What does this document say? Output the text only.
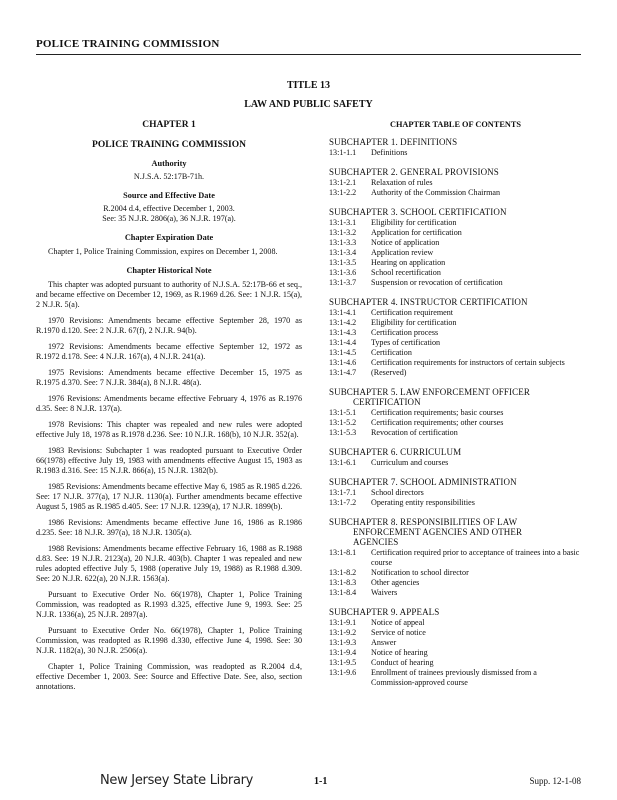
POLICE TRAINING COMMISSION
TITLE 13
LAW AND PUBLIC SAFETY
CHAPTER 1
POLICE TRAINING COMMISSION
Authority
N.J.S.A. 52:17B-71h.
Source and Effective Date
R.2004 d.4, effective December 1, 2003.
See: 35 N.J.R. 2806(a), 36 N.J.R. 197(a).
Chapter Expiration Date
Chapter 1, Police Training Commission, expires on December 1, 2008.
Chapter Historical Note
This chapter was adopted pursuant to authority of N.J.S.A. 52:17B-66 et seq., and became effective on December 12, 1969, as R.1969 d.26. See: 1 N.J.R. 15(a), 2 N.J.R. 5(a).
1970 Revisions: Amendments became effective September 28, 1970 as R.1970 d.120. See: 2 N.J.R. 67(f), 2 N.J.R. 94(b).
1972 Revisions: Amendments became effective September 12, 1972 as R.1972 d.178. See: 4 N.J.R. 167(a), 4 N.J.R. 241(a).
1975 Revisions: Amendments became effective December 15, 1975 as R.1975 d.370. See: 7 N.J.R. 384(a), 8 N.J.R. 48(a).
1976 Revisions: Amendments became effective February 4, 1976 as R.1976 d.35. See: 8 N.J.R. 137(a).
1978 Revisions: This chapter was repealed and new rules were adopted effective July 18, 1978 as R.1978 d.236. See: 10 N.J.R. 168(b), 10 N.J.R. 352(a).
1983 Revisions: Subchapter 1 was readopted pursuant to Executive Order 66(1978) effective July 19, 1983 with amendments effective August 15, 1983 as R.1983 d.316. See: 15 N.J.R. 866(a), 15 N.J.R. 1382(b).
1985 Revisions: Amendments became effective May 6, 1985 as R.1985 d.226. See: 17 N.J.R. 377(a), 17 N.J.R. 1130(a). Further amendments became effective August 5, 1985 as R.1985 d.405. See: 17 N.J.R. 1239(a), 17 N.J.R. 1899(b).
1986 Revisions: Amendments became effective June 16, 1986 as R.1986 d.235. See: 18 N.J.R. 397(a), 18 N.J.R. 1305(a).
1988 Revisions: Amendments became effective February 16, 1988 as R.1988 d.83. See: 19 N.J.R. 2123(a), 20 N.J.R. 403(b). Chapter 1 was repealed and new rules adopted effective July 5, 1988 (operative July 19, 1988) as R.1988 d.309. See: 20 N.J.R. 622(a), 20 N.J.R. 1563(a).
Pursuant to Executive Order No. 66(1978), Chapter 1, Police Training Commission, was readopted as R.1993 d.325, effective June 9, 1993. See: 25 N.J.R. 1336(a), 25 N.J.R. 2897(a).
Pursuant to Executive Order No. 66(1978), Chapter 1, Police Training Commission, was readopted as R.1998 d.330, effective June 4, 1998. See: 30 N.J.R. 1182(a), 30 N.J.R. 2506(a).
Chapter 1, Police Training Commission, was readopted as R.2004 d.4, effective December 1, 2003. See: Source and Effective Date. See, also, section annotations.
CHAPTER TABLE OF CONTENTS
SUBCHAPTER 1. DEFINITIONS
13:1-1.1	Definitions
SUBCHAPTER 2. GENERAL PROVISIONS
13:1-2.1	Relaxation of rules
13:1-2.2	Authority of the Commission Chairman
SUBCHAPTER 3. SCHOOL CERTIFICATION
13:1-3.1	Eligibility for certification
13:1-3.2	Application for certification
13:1-3.3	Notice of application
13:1-3.4	Application review
13:1-3.5	Hearing on application
13:1-3.6	School recertification
13:1-3.7	Suspension or revocation of certification
SUBCHAPTER 4. INSTRUCTOR CERTIFICATION
13:1-4.1	Certification requirement
13:1-4.2	Eligibility for certification
13:1-4.3	Certification process
13:1-4.4	Types of certification
13:1-4.5	Certification
13:1-4.6	Certification requirements for instructors of certain subjects
13:1-4.7	(Reserved)
SUBCHAPTER 5. LAW ENFORCEMENT OFFICER
CERTIFICATION
13:1-5.1	Certification requirements; basic courses
13:1-5.2	Certification requirements; other courses
13:1-5.3	Revocation of certification
SUBCHAPTER 6. CURRICULUM
13:1-6.1	Curriculum and courses
SUBCHAPTER 7. SCHOOL ADMINISTRATION
13:1-7.1	School directors
13:1-7.2	Operating entity responsibilities
SUBCHAPTER 8. RESPONSIBILITIES OF LAW
ENFORCEMENT AGENCIES AND OTHER
AGENCIES
13:1-8.1	Certification required prior to acceptance of trainees into a basic course
13:1-8.2	Notification to school director
13:1-8.3	Other agencies
13:1-8.4	Waivers
SUBCHAPTER 9. APPEALS
13:1-9.1	Notice of appeal
13:1-9.2	Service of notice
13:1-9.3	Answer
13:1-9.4	Notice of hearing
13:1-9.5	Conduct of hearing
13:1-9.6	Enrollment of trainees previously dismissed from a Commission-approved course
New Jersey State Library	1-1	Supp. 12-1-08
